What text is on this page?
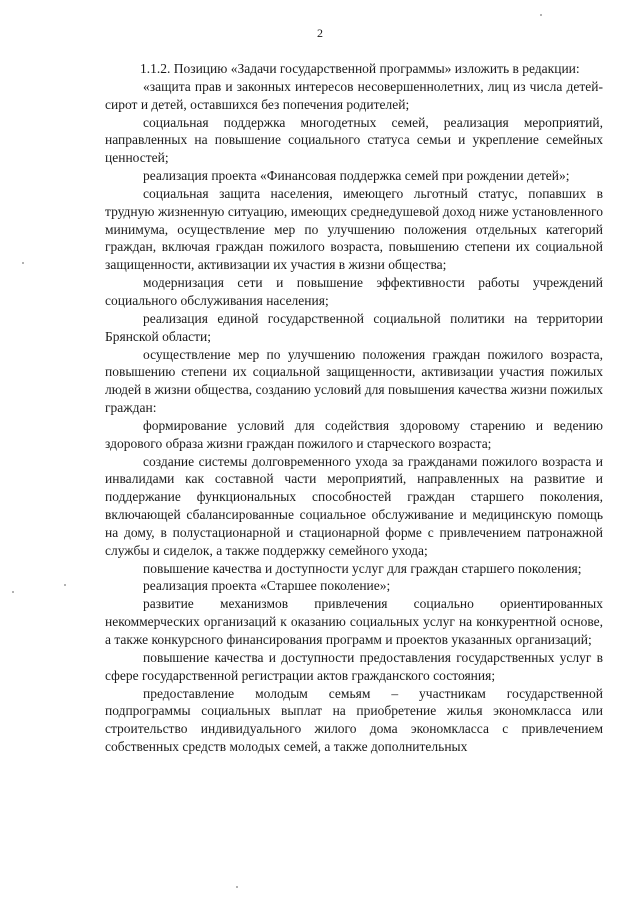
2

1.1.2. Позицию «Задачи государственной программы» изложить в редакции:

«защита прав и законных интересов несовершеннолетних, лиц из числа детей-сирот и детей, оставшихся без попечения родителей;

социальная поддержка многодетных семей, реализация мероприятий, направленных на повышение социального статуса семьи и укрепление семейных ценностей;

реализация проекта «Финансовая поддержка семей при рождении детей»;

социальная защита населения, имеющего льготный статус, попавших в трудную жизненную ситуацию, имеющих среднедушевой доход ниже установленного минимума, осуществление мер по улучшению положения отдельных категорий граждан, включая граждан пожилого возраста, повышению степени их социальной защищенности, активизации их участия в жизни общества;

модернизация сети и повышение эффективности работы учреждений социального обслуживания населения;

реализация единой государственной социальной политики на территории Брянской области;

осуществление мер по улучшению положения граждан пожилого возраста, повышению степени их социальной защищенности, активизации участия пожилых людей в жизни общества, созданию условий для повышения качества жизни пожилых граждан:

формирование условий для содействия здоровому старению и ведению здорового образа жизни граждан пожилого и старческого возраста;

создание системы долговременного ухода за гражданами пожилого возраста и инвалидами как составной части мероприятий, направленных на развитие и поддержание функциональных способностей граждан старшего поколения, включающей сбалансированные социальное обслуживание и медицинскую помощь на дому, в полустационарной и стационарной форме с привлечением патронажной службы и сиделок, а также поддержку семейного ухода;

повышение качества и доступности услуг для граждан старшего поколения;

реализация проекта «Старшее поколение»;

развитие механизмов привлечения социально ориентированных некоммерческих организаций к оказанию социальных услуг на конкурентной основе, а также конкурсного финансирования программ и проектов указанных организаций;

повышение качества и доступности предоставления государственных услуг в сфере государственной регистрации актов гражданского состояния;

предоставление молодым семьям – участникам государственной подпрограммы социальных выплат на приобретение жилья экономкласса или строительство индивидуального жилого дома экономкласса с привлечением собственных средств молодых семей, а также дополнительных
